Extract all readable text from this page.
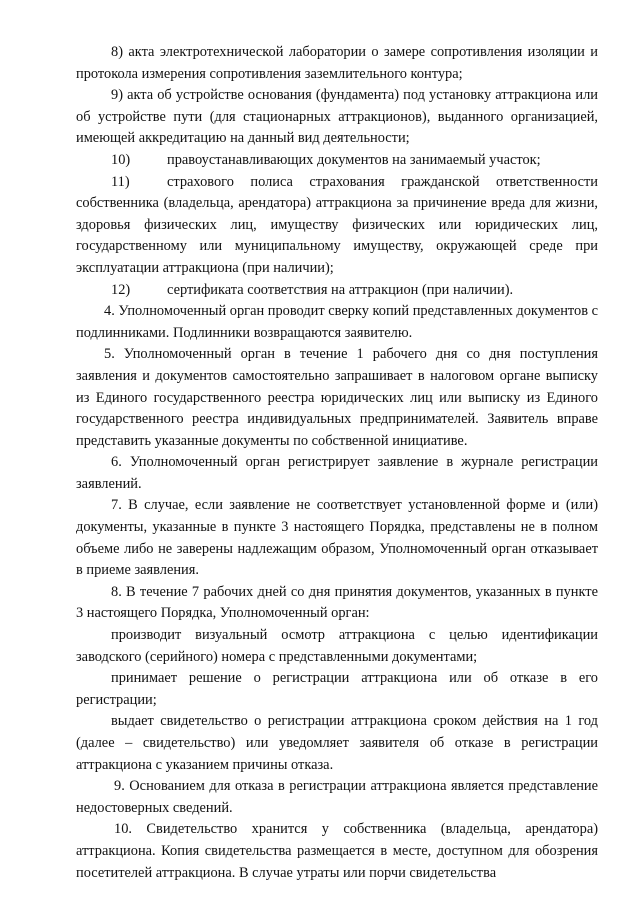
8) акта электротехнической лаборатории о замере сопротивления изоляции и протокола измерения сопротивления заземлительного контура;

9) акта об устройстве основания (фундамента) под установку аттракциона или об устройстве пути (для стационарных аттракционов), выданного организацией, имеющей аккредитацию на данный вид деятельности;

10)	правоустанавливающих документов на занимаемый участок;
11)	страхового полиса страхования гражданской ответственности

собственника (владельца, арендатора) аттракциона за причинение вреда для жизни, здоровья физических лиц, имуществу физических или юридических лиц, государственному или муниципальному имуществу, окружающей среде при эксплуатации аттракциона (при наличии);

12)	сертификата соответствия на аттракцион (при наличии).

4. Уполномоченный орган проводит сверку копий представленных документов с подлинниками. Подлинники возвращаются заявителю.

5. Уполномоченный орган в течение 1 рабочего дня со дня поступления заявления и документов самостоятельно запрашивает в налоговом органе выписку из Единого государственного реестра юридических лиц или выписку из Единого государственного реестра индивидуальных предпринимателей. Заявитель вправе представить указанные документы по собственной инициативе.

6. Уполномоченный орган регистрирует заявление в журнале регистрации заявлений.

7. В случае, если заявление не соответствует установленной форме и (или) документы, указанные в пункте 3 настоящего Порядка, представлены не в полном объеме либо не заверены надлежащим образом, Уполномоченный орган отказывает в приеме заявления.

8. В течение 7 рабочих дней со дня принятия документов, указанных в пункте 3 настоящего Порядка, Уполномоченный орган:

производит визуальный осмотр аттракциона с целью идентификации заводского (серийного) номера с представленными документами;

принимает решение о регистрации аттракциона или об отказе в его регистрации;

выдает свидетельство о регистрации аттракциона сроком действия на 1 год (далее – свидетельство) или уведомляет заявителя об отказе в регистрации аттракциона с указанием причины отказа.

9. Основанием для отказа в регистрации аттракциона является представление недостоверных сведений.

10. Свидетельство хранится у собственника (владельца, арендатора) аттракциона. Копия свидетельства размещается в месте, доступном для обозрения посетителей аттракциона. В случае утраты или порчи свидетельства
